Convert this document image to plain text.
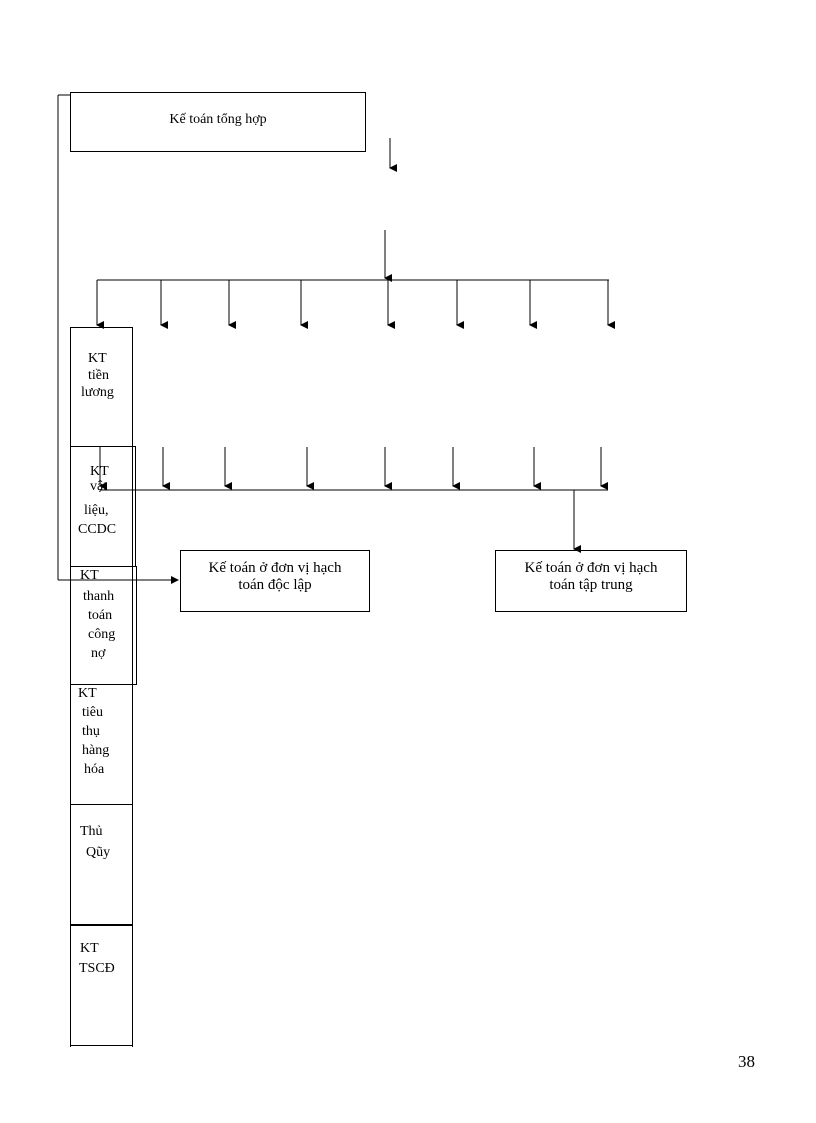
Kế toán tổng hợp
KT
tiền
lương
KT
vật
liệu,
CCDC
KT
thanh
toán
công
nợ
KT
tiêu
thụ
hàng
hóa
Thủ
Qũy
KT
TSCĐ
Kế toán ở đơn vị hạch
toán độc lập
Kế toán ở đơn vị hạch
toán tập trung
38
